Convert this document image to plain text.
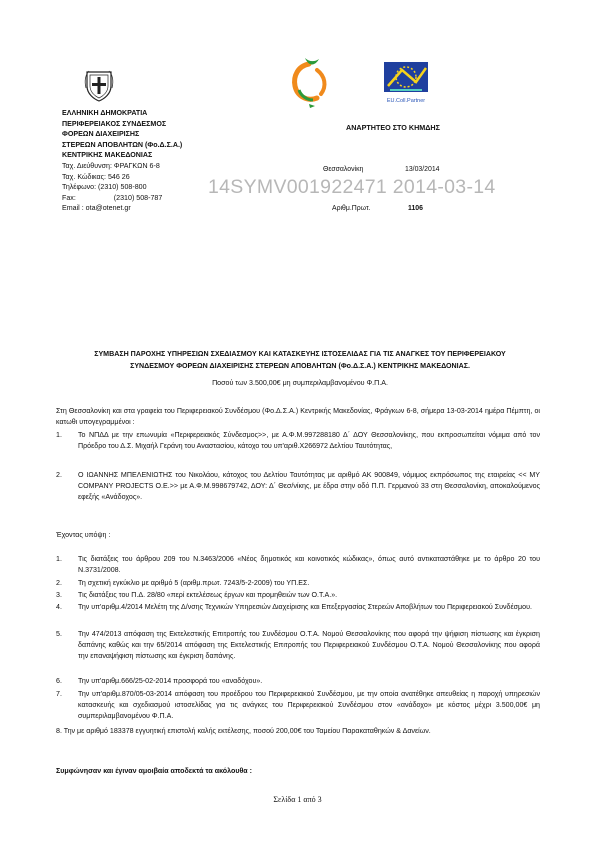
EU.Coll.Partner
ΕΛΛΗΝΙΚΗ ΔΗΜΟΚΡΑΤΙΑ
ΠΕΡΙΦΕΡΕΙΑΚΟΣ ΣΥΝΔΕΣΜΟΣ
ΦΟΡΕΩΝ ΔΙΑΧΕΙΡΙΣΗΣ
ΣΤΕΡΕΩΝ ΑΠΟΒΛΗΤΩΝ (Φο.Δ.Σ.Α.)
ΚΕΝΤΡΙΚΗΣ ΜΑΚΕΔΟΝΙΑΣ
Ταχ. Διεύθυνση: ΦΡΑΓΚΩΝ 6-8
Ταχ. Κώδικας: 546 26
Τηλέφωνο: (2310) 508-800
Fax:	(2310) 508-787
Email : ota@otenet.gr
ΑΝΑΡΤΗΤΕΟ ΣΤΟ ΚΗΜΔΗΣ
14SYMV001922471 2014-03-14
Θεσσαλονίκη	13/03/2014
Αριθμ.Πρωτ.	1106
ΣΥΜΒΑΣΗ ΠΑΡΟΧΗΣ ΥΠΗΡΕΣΙΩΝ ΣΧΕΔΙΑΣΜΟΥ ΚΑΙ ΚΑΤΑΣΚΕΥΗΣ ΙΣΤΟΣΕΛΙΔΑΣ ΓΙΑ ΤΙΣ ΑΝΑΓΚΕΣ ΤΟΥ ΠΕΡΙΦΕΡΕΙΑΚΟΥ
ΣΥΝΔΕΣΜΟΥ ΦΟΡΕΩΝ ΔΙΑΧΕΙΡΙΣΗΣ ΣΤΕΡΕΩΝ ΑΠΟΒΛΗΤΩΝ (Φο.Δ.Σ.Α.) ΚΕΝΤΡΙΚΗΣ ΜΑΚΕΔΟΝΙΑΣ.
Ποσού των 3.500,00€ μη συμπεριλαμβανομένου Φ.Π.Α.
Στη Θεσσαλονίκη και στα γραφεία του Περιφερειακού Συνδέσμου (Φο.Δ.Σ.Α.) Κεντρικής Μακεδονίας, Φράγκων 6-8, σήμερα 13-03-2014 ημέρα Πέμπτη, οι κατωθι υπογεγραμμένοι :
1.	Το ΝΠΔΔ με την επωνυμία «Περιφερειακός Σύνδεσμος>>, με Α.Φ.Μ.997288180 Δ΄ ΔΟΥ Θεσσαλονίκης, που εκπροσωπείται νόμιμα από τον Πρόεδρο του Δ.Σ. Μιχαήλ Γεράνη του Αναστασίου, κάτοχο του υπ'αριθ.Χ266972 Δελτίου Ταυτότητας,
2.	Ο ΙΩΑΝΝΗΣ ΜΠΕΛΕΝΙΩΤΗΣ του Νικολάου, κάτοχος του Δελτίου Ταυτότητας με αριθμό ΑΚ 900849, νόμιμος εκπρόσωπος της εταιρείας << MY COMPANY PROJECTS O.E.>> με Α.Φ.Μ.998679742, ΔΟΥ: Δ΄ Θεσ/νίκης, με έδρα στην οδό Π.Π. Γερμανού 33 στη Θεσσαλονίκη, αποκαλούμενος εφεξής «Ανάδοχος».
Έχοντας υπόψη :
1.	Τις διατάξεις του άρθρου 209 του Ν.3463/2006 «Νέος δημοτικός και κοινοτικός κώδικας», όπως αυτό αντικαταστάθηκε με το άρθρο 20 του Ν.3731/2008.
2.	Τη σχετική εγκύκλιο με αριθμό 5 (αριθμ.πρωτ. 7243/5-2-2009) του ΥΠ.ΕΣ.
3.	Τις διατάξεις του Π.Δ. 28/80 «περί εκτελέσεως έργων και προμηθειών των Ο.Τ.Α.».
4.	Την υπ'αριθμ.4/2014 Μελέτη της Δ/νσης Τεχνικών Υπηρεσιών Διαχείρισης και Επεξεργασίας Στερεών Αποβλήτων του Περιφερειακού Συνδέσμου.
5.	Την 474/2013 απόφαση της Εκτελεστικής Επιτροπής του Συνδέσμου Ο.Τ.Α. Νομού Θεσσαλονίκης που αφορά την ψήφιση πίστωσης και έγκριση δαπάνης καθώς και την 65/2014 απόφαση της Εκτελεστικής Επιτροπής του Περιφερειακού Συνδέσμου Ο.Τ.Α. Νομού Θεσσαλονίκης που αφορά την επαναψήφιση πίστωσης και έγκριση δαπάνης.
6.	Την υπ'αριθμ.666/25-02-2014 προσφορά του «αναδόχου».
7.	Την υπ'αριθμ.870/05-03-2014 απόφαση του προέδρου του Περιφερειακού Συνδέσμου, με την οποία ανατέθηκε απευθείας η παροχή υπηρεσιών κατασκευής και σχεδιασμού ιστοσελίδας για τις ανάγκες του Περιφερειακού Συνδέσμου στον «ανάδοχο» με κόστος μέχρι 3.500,00€ μη συμπεριλαμβανομένου Φ.Π.Α.
8. Την με αριθμό 183378 εγγυητική επιστολή καλής εκτέλεσης, ποσού 200,00€ του Ταμείου Παρακαταθηκών & Δανείων.
Συμφώνησαν και έγιναν αμοιβαία αποδεκτά τα ακόλουθα :
Σελίδα 1 από 3
